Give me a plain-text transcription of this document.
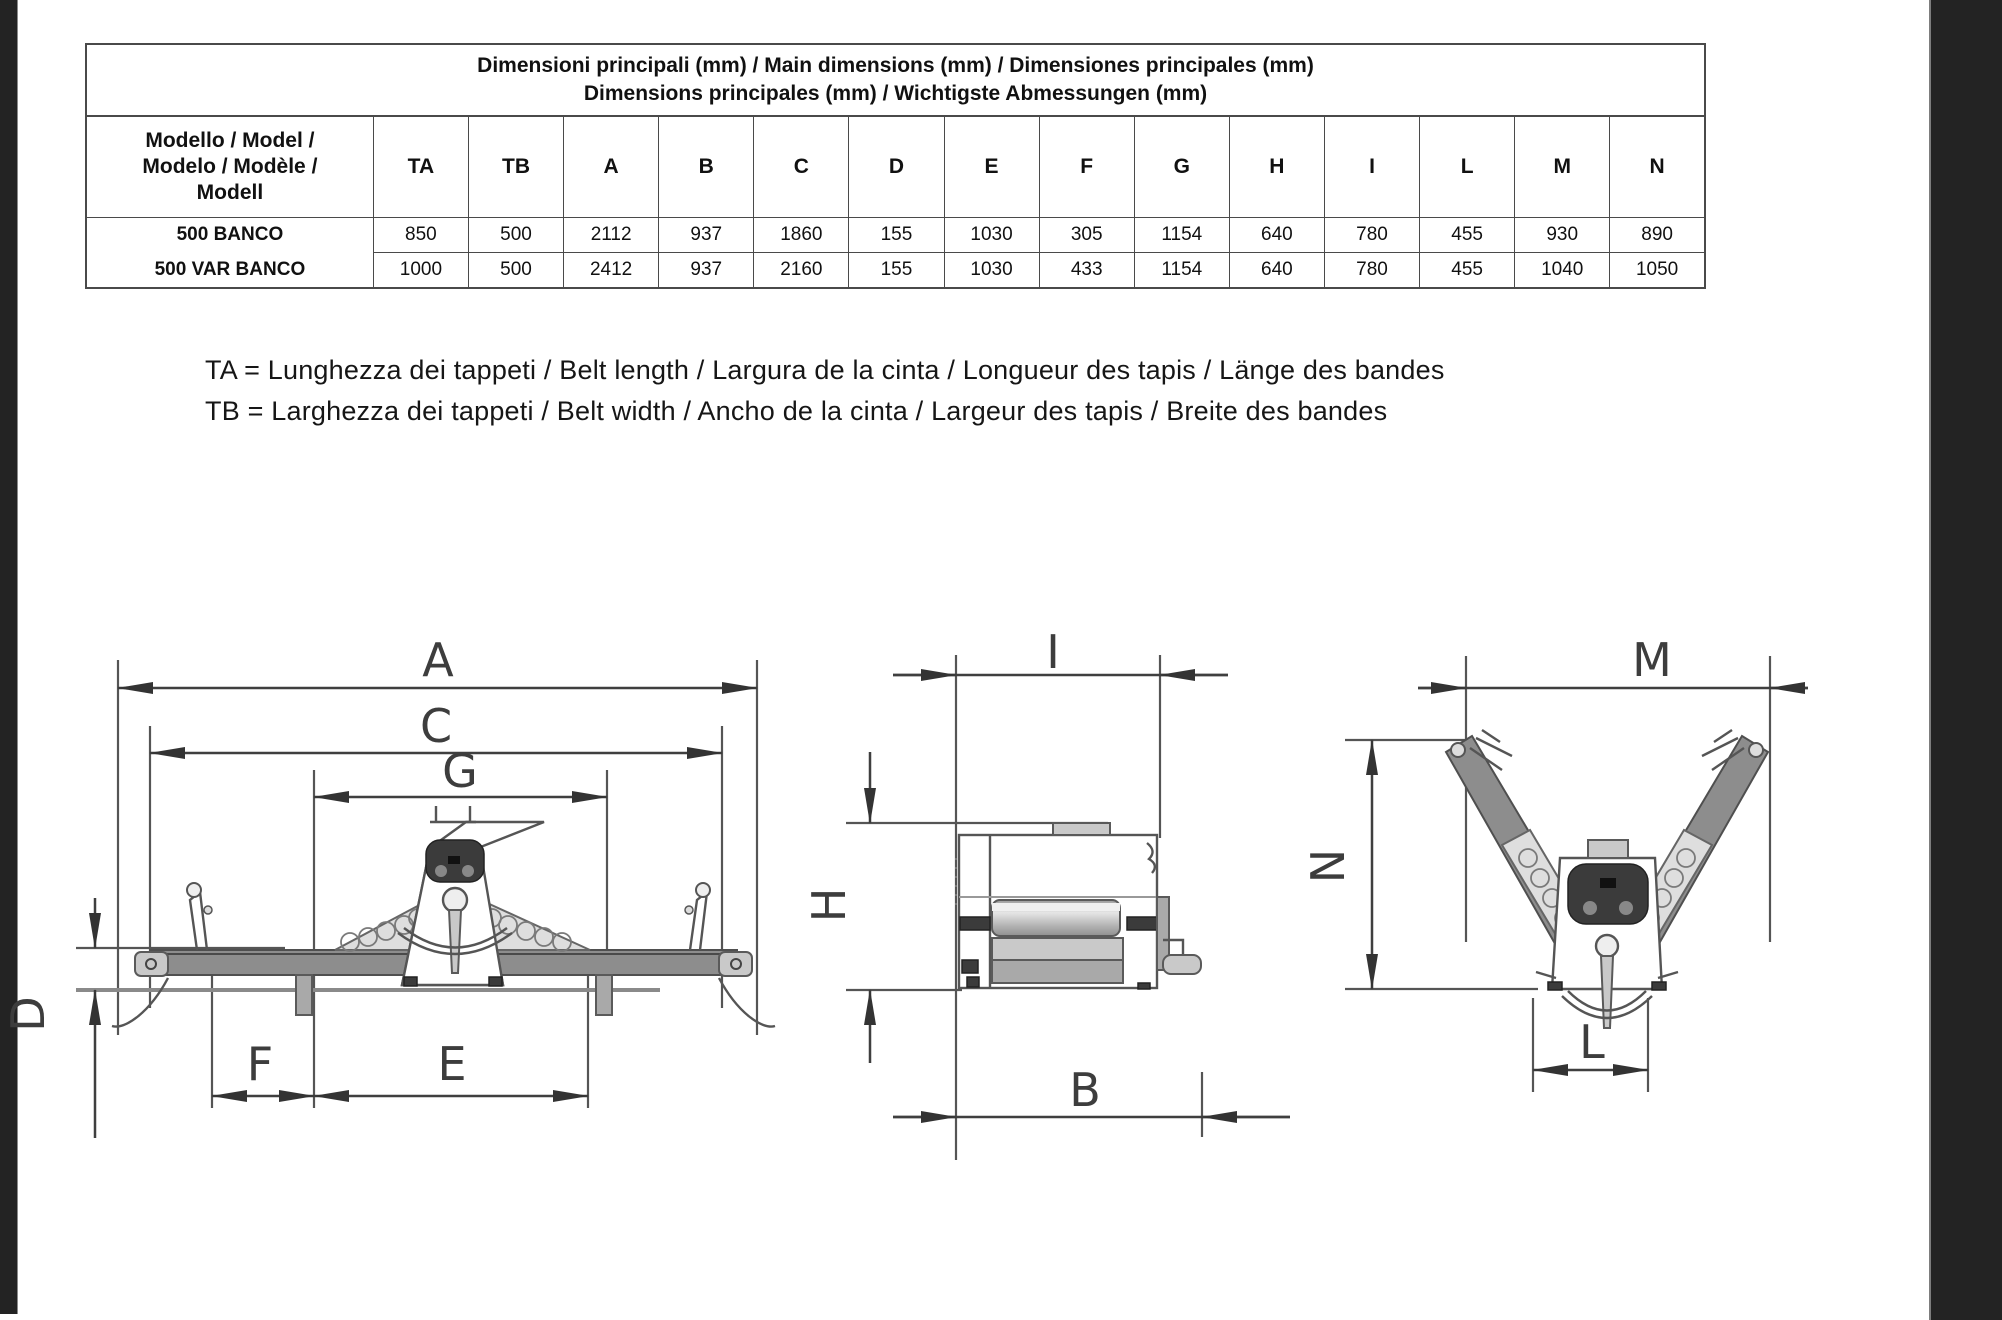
Dimensioni principali (mm) / Main dimensions (mm) / Dimensiones principales (mm)
Dimensions principales (mm) / Wichtigste Abmessungen (mm)														

Modello / Model /
Modelo / Modèle /
Modell	TA	TB	A	B	C	D	E	F	G	H	I	L	M	N
500 BANCO	850	500	2112	937	1860	155	1030	305	1154	640	780	455	930	890
500 VAR BANCO	1000	500	2412	937	2160	155	1030	433	1154	640	780	455	1040	1050
TA = Lunghezza dei tappeti / Belt length / Largura de la cinta / Longueur des tapis / Länge des bandes
TB = Larghezza dei tappeti / Belt width / Ancho de la cinta / Largeur des tapis / Breite des bandes
A
C
G
D
F	E
I
H
B
M
N
L
